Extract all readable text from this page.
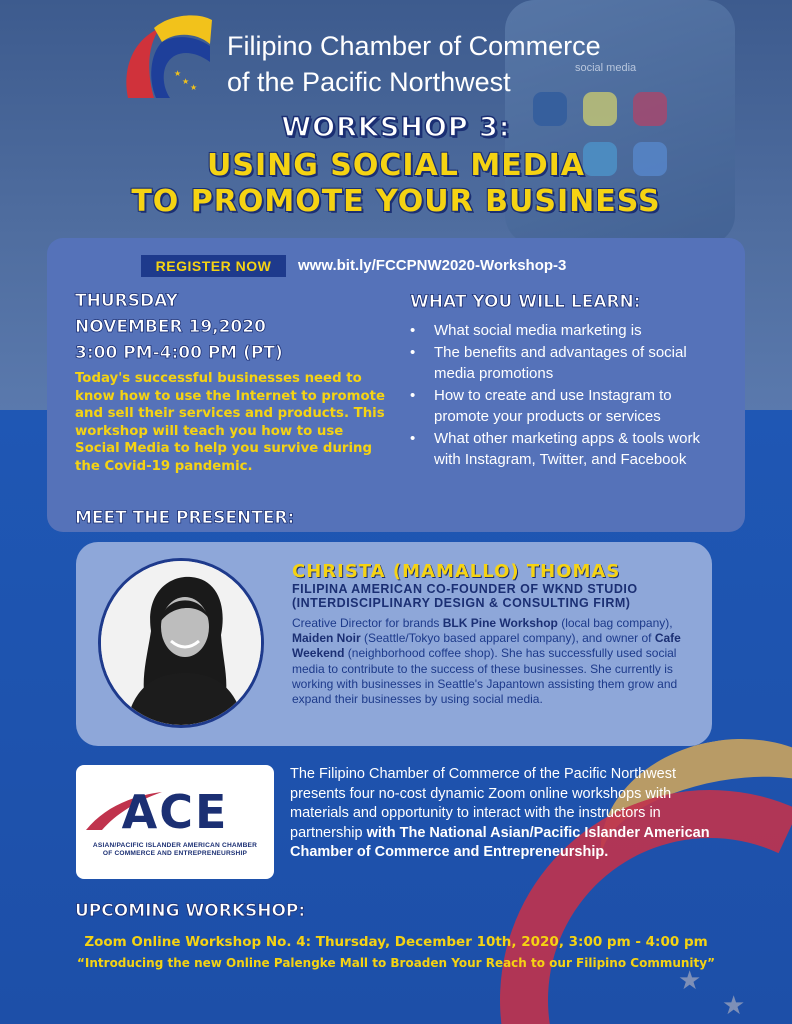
social media
★
★
★
★
★
Filipino Chamber of Commerce
of the Pacific Northwest
WORKSHOP 3:
USING SOCIAL MEDIA
TO PROMOTE YOUR BUSINESS
REGISTER NOW	www.bit.ly/FCCPNW2020-Workshop-3
THURSDAY
NOVEMBER 19,2020
3:00 PM-4:00 PM (PT)
Today's successful businesses need to know how to use the Internet to promote and sell their services and products. This workshop will teach you how to use Social Media to help you survive during the Covid-19 pandemic.
WHAT YOU WILL LEARN:
• What social media marketing is
• The benefits and advantages of social media promotions
• How to create and use Instagram to promote your products or services
• What other marketing apps & tools work with Instagram, Twitter, and Facebook
MEET THE PRESENTER:
CHRISTA (MAMALLO) THOMAS
FILIPINA AMERICAN CO-FOUNDER OF WKND STUDIO
(INTERDISCIPLINARY DESIGN & CONSULTING FIRM)
Creative Director for brands BLK Pine Workshop (local bag company), Maiden Noir (Seattle/Tokyo based apparel company), and owner of Cafe Weekend (neighborhood coffee shop). She has successfully used social media to contribute to the success of these businesses. She currently is working with businesses in Seattle's Japantown assisting them grow and expand their businesses by using social media.
ACE
ASIAN/PACIFIC ISLANDER AMERICAN CHAMBER
OF COMMERCE AND ENTREPRENEURSHIP
The Filipino Chamber of Commerce of the Pacific Northwest presents four no-cost dynamic Zoom online workshops with materials and opportunity to interact with the instructors in partnership with The National Asian/Pacific Islander American Chamber of Commerce and Entrepreneurship.
UPCOMING WORKSHOP:
Zoom Online Workshop No. 4: Thursday, December 10th, 2020, 3:00 pm - 4:00 pm
“Introducing the new Online Palengke Mall to Broaden Your Reach to our Filipino Community”
